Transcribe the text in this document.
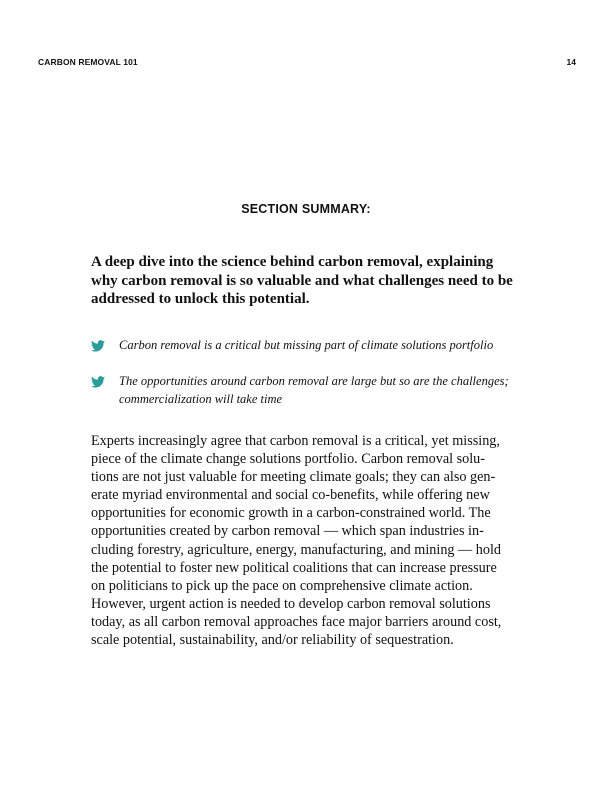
CARBON REMOVAL 101	14
SECTION SUMMARY:
A deep dive into the science behind carbon removal, explaining why carbon removal is so valuable and what challenges need to be addressed to unlock this potential.
Carbon removal is a critical but missing part of climate solutions portfolio
The opportunities around carbon removal are large but so are the challenges; commercialization will take time
Experts increasingly agree that carbon removal is a critical, yet missing,
piece of the climate change solutions portfolio. Carbon removal solu-
tions are not just valuable for meeting climate goals; they can also gen-
erate myriad environmental and social co-benefits, while offering new
opportunities for economic growth in a carbon-constrained world. The
opportunities created by carbon removal — which span industries in-
cluding forestry, agriculture, energy, manufacturing, and mining — hold
the potential to foster new political coalitions that can increase pressure
on politicians to pick up the pace on comprehensive climate action.
However, urgent action is needed to develop carbon removal solutions
today, as all carbon removal approaches face major barriers around cost,
scale potential, sustainability, and/or reliability of sequestration.
